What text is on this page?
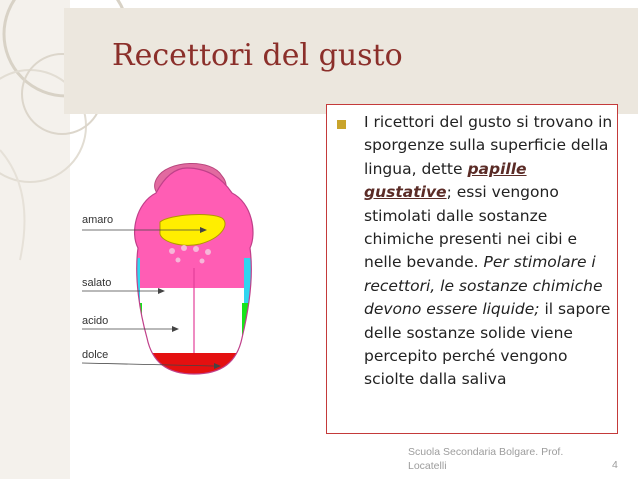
Recettori del gusto
amaro
salato
acido
dolce

I ricettori del gusto si trovano in sporgenze sulla superficie della lingua, dette papille gustative; essi vengono stimolati dalle sostanze chimiche presenti nei cibi e nelle bevande. Per stimolare i recettori, le sostanze chimiche devono essere liquide; il sapore delle sostanze solide viene percepito perché vengono sciolte dalla saliva

Scuola Secondaria Bolgare. Prof. Locatelli	4
